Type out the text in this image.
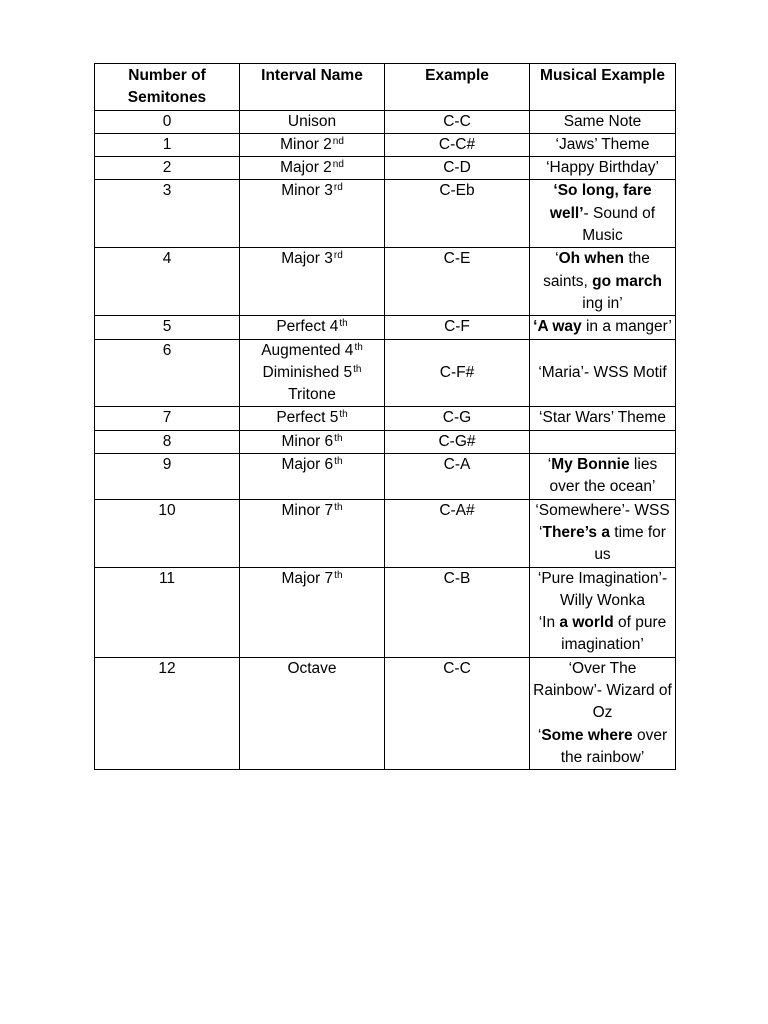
Number of Semitones	Interval Name	Example	Musical Example
0	Unison	C-C	Same Note
1	Minor 2nd	C-C#	‘Jaws’ Theme
2	Major 2nd	C-D	‘Happy Birthday’
3	Minor 3rd	C-Eb	‘So long, fare well’- Sound of Music
4	Major 3rd	C-E	‘Oh when the saints, go march ing in’
5	Perfect 4th	C-F	‘A way in a manger’
6	Augmented 4th
Diminished 5th
Tritone	C-F#	‘Maria’- WSS Motif
7	Perfect 5th	C-G	‘Star Wars’ Theme
8	Minor 6th	C-G#	
9	Major 6th	C-A	‘My Bonnie lies over the ocean’
10	Minor 7th	C-A#	‘Somewhere’- WSS
‘There’s a time for us
11	Major 7th	C-B	‘Pure Imagination’- Willy Wonka
‘In a world of pure imagination’
12	Octave	C-C	‘Over The Rainbow’- Wizard of Oz
‘Some where over the rainbow’
